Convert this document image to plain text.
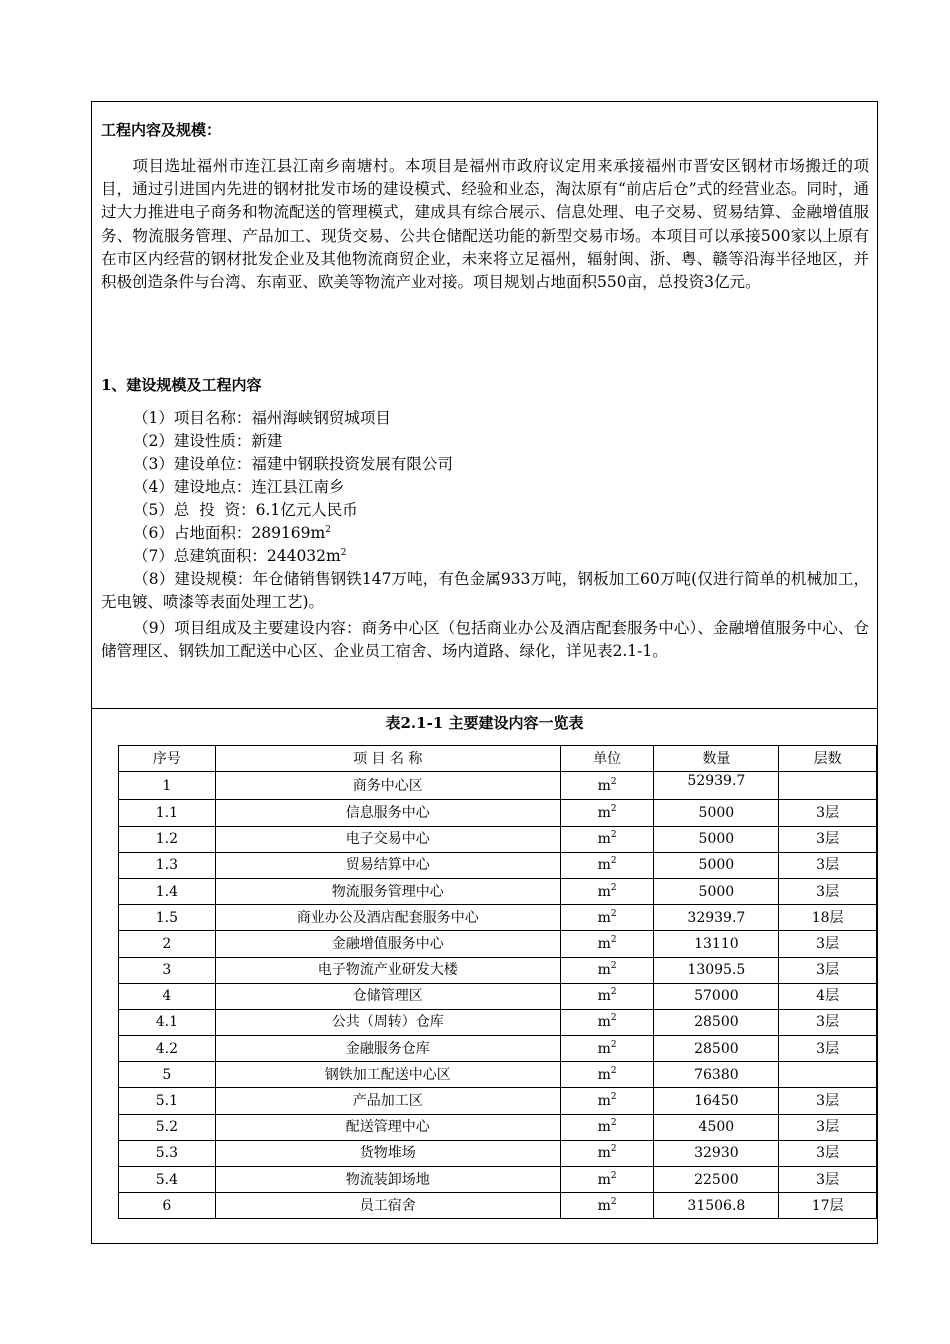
工程内容及规模：
项目选址福州市连江县江南乡南塘村。本项目是福州市政府议定用来承接福州市晋安区钢材市场搬迁的项目，通过引进国内先进的钢材批发市场的建设模式、经验和业态，淘汰原有“前店后仓”式的经营业态。同时，通过大力推进电子商务和物流配送的管理模式，建成具有综合展示、信息处理、电子交易、贸易结算、金融增值服务、物流服务管理、产品加工、现货交易、公共仓储配送功能的新型交易市场。本项目可以承接500家以上原有在市区内经营的钢材批发企业及其他物流商贸企业，未来将立足福州，辐射闽、浙、粤、赣等沿海半径地区，并积极创造条件与台湾、东南亚、欧美等物流产业对接。项目规划占地面积550亩，总投资3亿元。
1、建设规模及工程内容
（1）项目名称：福州海峡钢贸城项目
（2）建设性质：新建
（3）建设单位：福建中钢联投资发展有限公司
（4）建设地点：连江县江南乡
（5）总  投  资：6.1亿元人民币
（6）占地面积：$289169m^2$
（7）总建筑面积：$244032m^2$
（8）建设规模：年仓储销售钢铁147万吨，有色金属933万吨，钢板加工60万吨(仅进行简单的机械加工，无电镀、喷漆等表面处理工艺)。
（9）项目组成及主要建设内容：商务中心区（包括商业办公及酒店配套服务中心）、金融增值服务中心、仓储管理区、钢铁加工配送中心区、企业员工宿舍、场内道路、绿化，详见表2.1-1。
表2.1-1 主要建设内容一览表
序号	项 目 名 称	单位	数量	层数
1	商务中心区	$m^2$	52939.7	
1.1	信息服务中心	$m^2$	5000	3层
1.2	电子交易中心	$m^2$	5000	3层
1.3	贸易结算中心	$m^2$	5000	3层
1.4	物流服务管理中心	$m^2$	5000	3层
1.5	商业办公及酒店配套服务中心	$m^2$	32939.7	18层
2	金融增值服务中心	$m^2$	13110	3层
3	电子物流产业研发大楼	$m^2$	13095.5	3层
4	仓储管理区	$m^2$	57000	4层
4.1	公共（周转）仓库	$m^2$	28500	3层
4.2	金融服务仓库	$m^2$	28500	3层
5	钢铁加工配送中心区	$m^2$	76380	
5.1	产品加工区	$m^2$	16450	3层
5.2	配送管理中心	$m^2$	4500	3层
5.3	货物堆场	$m^2$	32930	3层
5.4	物流装卸场地	$m^2$	22500	3层
6	员工宿舍	$m^2$	31506.8	17层
